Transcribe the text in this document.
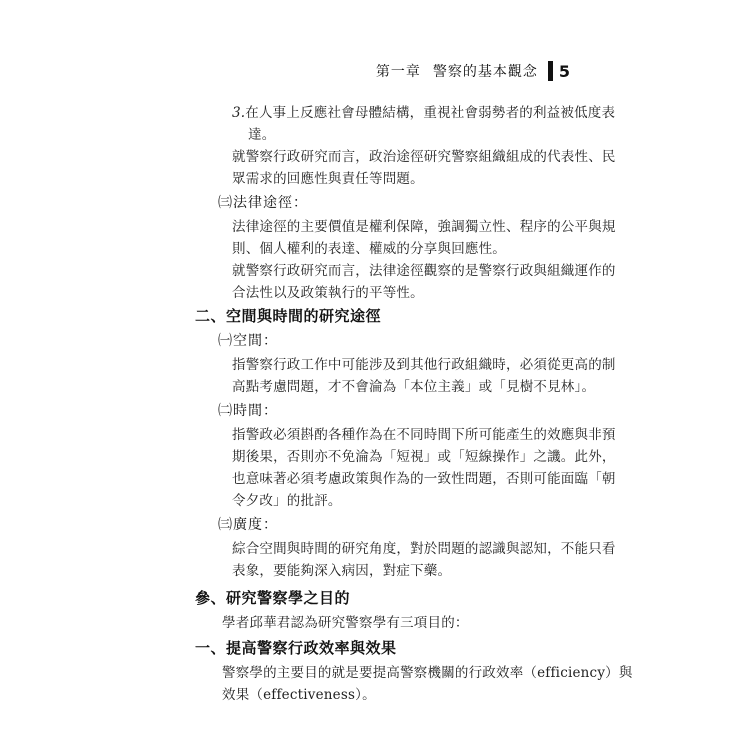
第一章 警察的基本觀念 5
3.在人事上反應社會母體結構，重視社會弱勢者的利益被低度表
達。
就警察行政研究而言，政治途徑研究警察組織組成的代表性、民
眾需求的回應性與責任等問題。
㈢法律途徑：
法律途徑的主要價值是權利保障，強調獨立性、程序的公平與規
則、個人權利的表達、權威的分享與回應性。
就警察行政研究而言，法律途徑觀察的是警察行政與組織運作的
合法性以及政策執行的平等性。
二、空間與時間的研究途徑
㈠空間：
指警察行政工作中可能涉及到其他行政組織時，必須從更高的制
高點考慮問題，才不會淪為「本位主義」或「見樹不見林」。
㈡時間：
指警政必須斟酌各種作為在不同時間下所可能產生的效應與非預
期後果，否則亦不免淪為「短視」或「短線操作」之譏。此外，
也意味著必須考慮政策與作為的一致性問題，否則可能面臨「朝
令夕改」的批評。
㈢廣度：
綜合空間與時間的研究角度，對於問題的認識與認知，不能只看
表象，要能夠深入病因，對症下藥。
參、研究警察學之目的
學者邱華君認為研究警察學有三項目的：
一、提高警察行政效率與效果
警察學的主要目的就是要提高警察機關的行政效率（efficiency）與
效果（effectiveness）。
